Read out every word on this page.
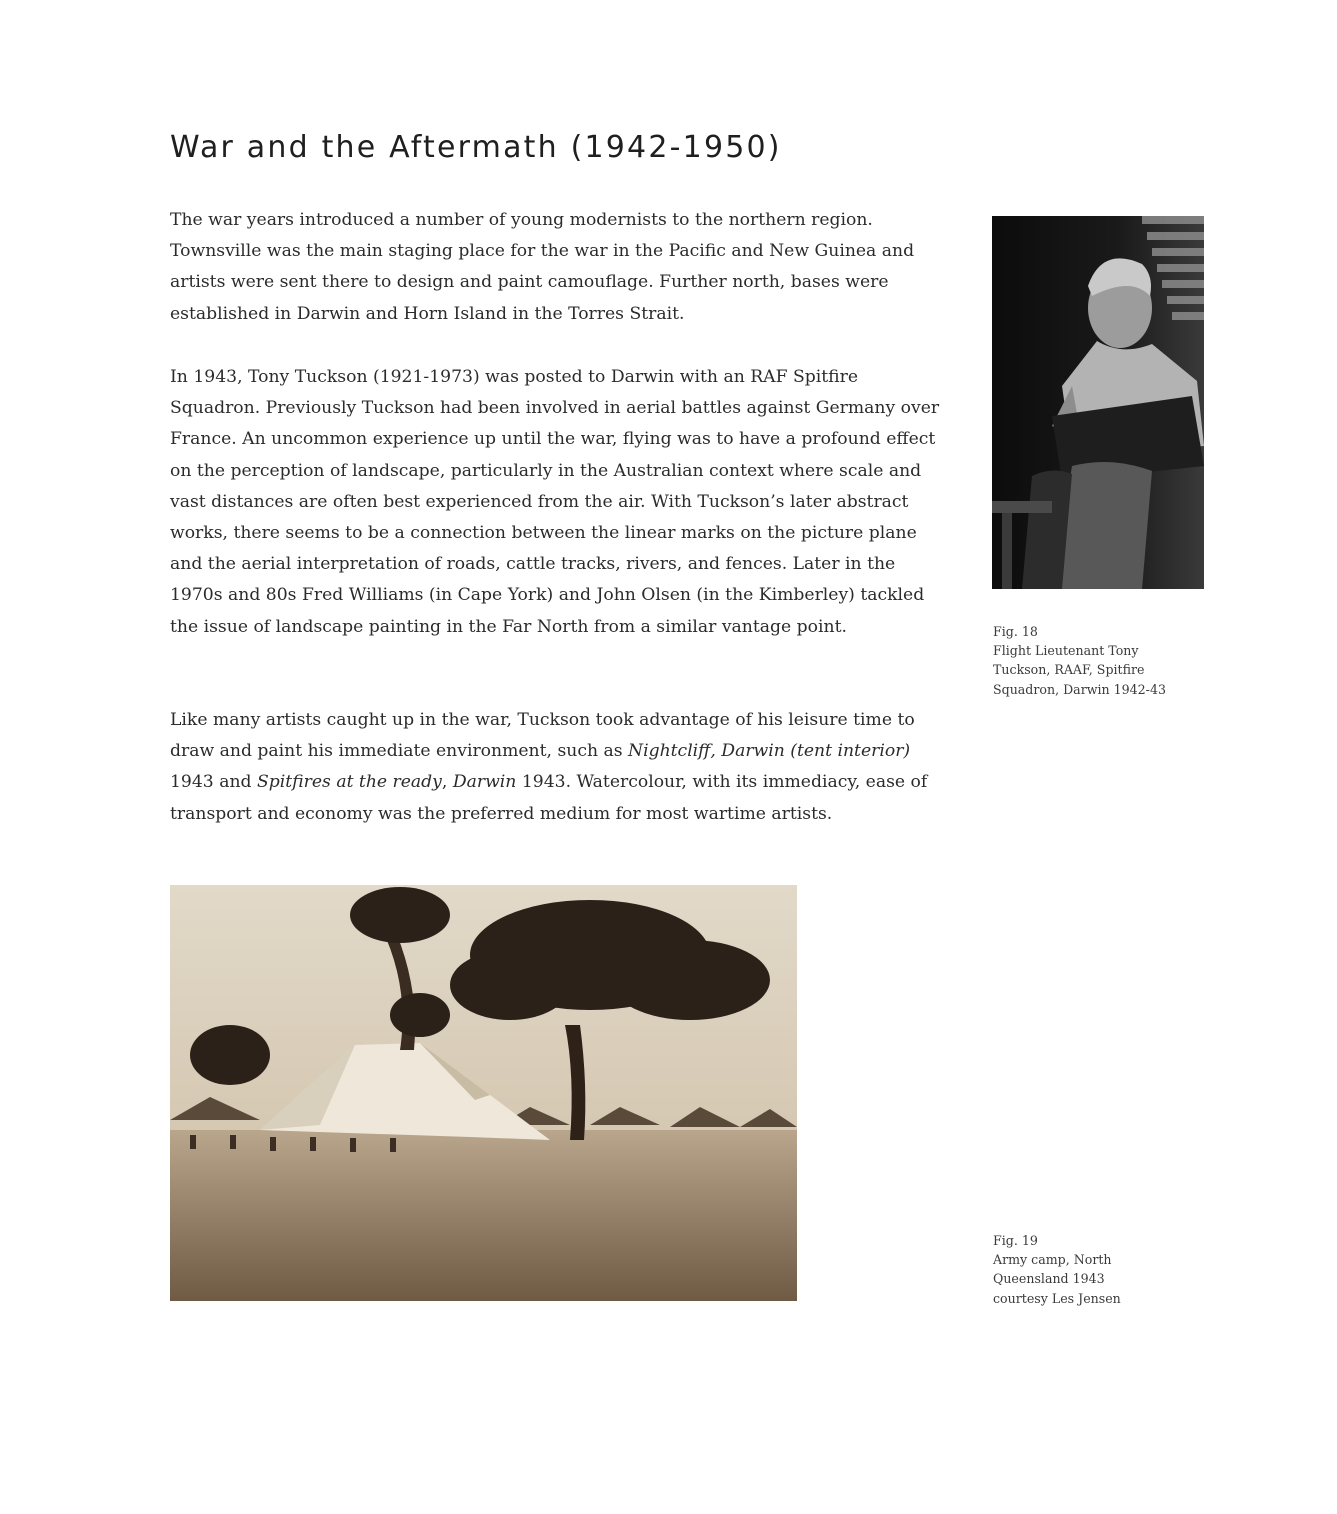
War and the Aftermath (1942-1950)

The war years introduced a number of young modernists to the northern region. Townsville was the main staging place for the war in the Pacific and New Guinea and artists were sent there to design and paint camouflage. Further north, bases were established in Darwin and Horn Island in the Torres Strait.

In 1943, Tony Tuckson (1921-1973) was posted to Darwin with an RAF Spitfire Squadron. Previously Tuckson had been involved in aerial battles against Germany over France. An uncommon experience up until the war, flying was to have a profound effect on the perception of landscape, particularly in the Australian context where scale and vast distances are often best experienced from the air. With Tuckson’s later abstract works, there seems to be a connection between the linear marks on the picture plane and the aerial interpretation of roads, cattle tracks, rivers, and fences. Later in the 1970s and 80s Fred Williams (in Cape York) and John Olsen (in the Kimberley) tackled the issue of landscape painting in the Far North from a similar vantage point.

Like many artists caught up in the war, Tuckson took advantage of his leisure time to draw and paint his immediate environment, such as Nightcliff, Darwin (tent interior) 1943 and Spitfires at the ready, Darwin 1943. Watercolour, with its immediacy, ease of transport and economy was the preferred medium for most wartime artists.

Fig. 18
Flight Lieutenant Tony
Tuckson, RAAF, Spitfire
Squadron, Darwin 1942-43

Fig. 19
Army camp, North
Queensland 1943
courtesy Les Jensen
